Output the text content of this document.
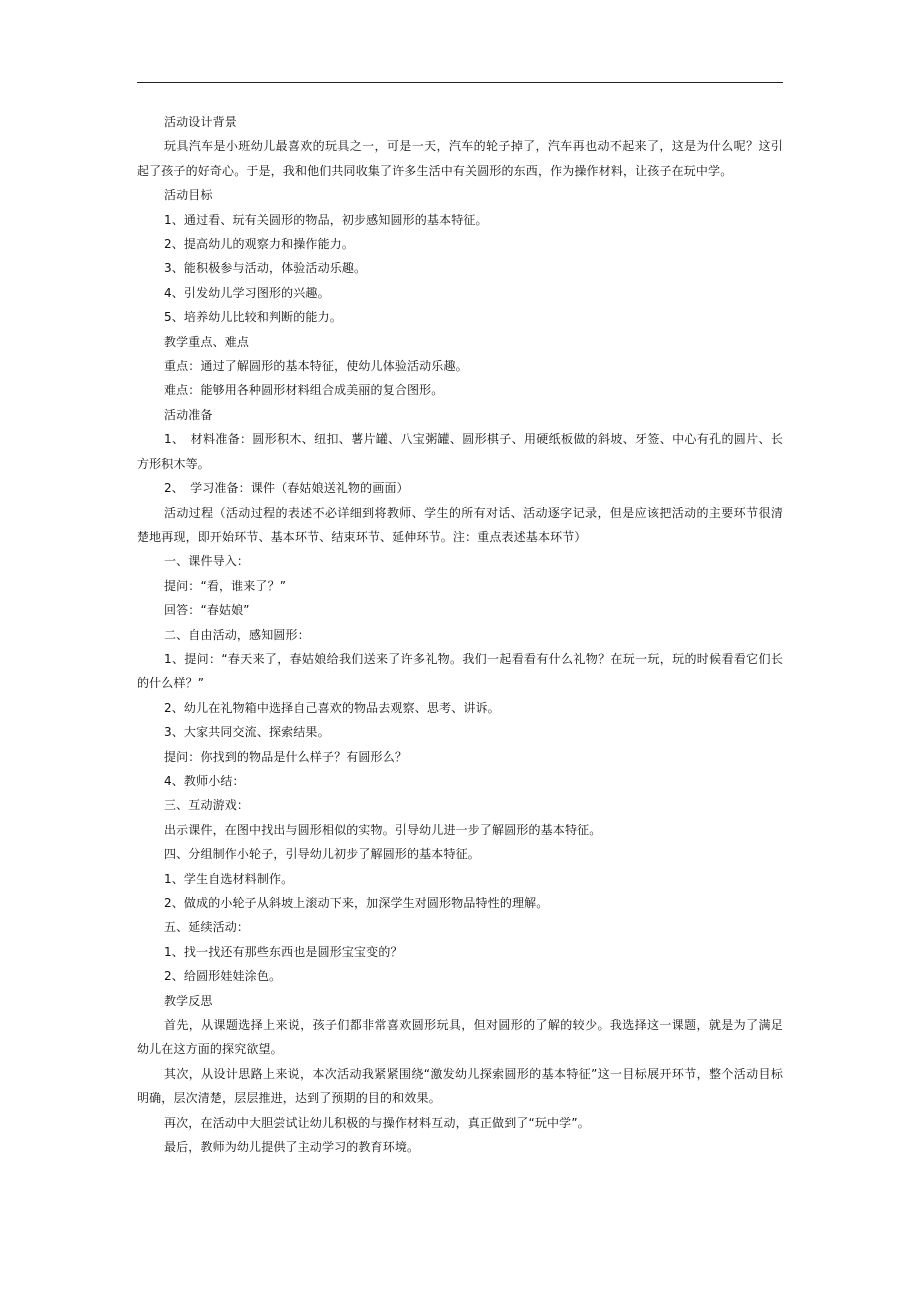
活动设计背景

玩具汽车是小班幼儿最喜欢的玩具之一，可是一天，汽车的轮子掉了，汽车再也动不起来了，这是为什么呢？这引起了孩子的好奇心。于是，我和他们共同收集了许多生活中有关圆形的东西，作为操作材料，让孩子在玩中学。

活动目标

1、通过看、玩有关圆形的物品，初步感知圆形的基本特征。

2、提高幼儿的观察力和操作能力。

3、能积极参与活动，体验活动乐趣。

4、引发幼儿学习图形的兴趣。

5、培养幼儿比较和判断的能力。

教学重点、难点

重点：通过了解圆形的基本特征，使幼儿体验活动乐趣。

难点：能够用各种圆形材料组合成美丽的复合图形。

活动准备

1、　材料准备：圆形积木、纽扣、薯片罐、八宝粥罐、圆形棋子、用硬纸板做的斜坡、牙签、中心有孔的圆片、长方形积木等。

2、　学习准备：课件（春姑娘送礼物的画面）

活动过程（活动过程的表述不必详细到将教师、学生的所有对话、活动逐字记录，但是应该把活动的主要环节很清楚地再现，即开始环节、基本环节、结束环节、延伸环节。注：重点表述基本环节）

一、课件导入：

提问：“看，谁来了？”

回答：“春姑娘”

二、自由活动，感知圆形：

1、提问：“春天来了，春姑娘给我们送来了许多礼物。我们一起看看有什么礼物？在玩一玩，玩的时候看看它们长的什么样？”

2、幼儿在礼物箱中选择自己喜欢的物品去观察、思考、讲诉。

3、大家共同交流、探索结果。

提问：你找到的物品是什么样子？有圆形么？

4、教师小结：

三、互动游戏：

出示课件，在图中找出与圆形相似的实物。引导幼儿进一步了解圆形的基本特征。

四、分组制作小轮子，引导幼儿初步了解圆形的基本特征。

1、学生自选材料制作。

2、做成的小轮子从斜坡上滚动下来，加深学生对圆形物品特性的理解。

五、延续活动：

1、找一找还有那些东西也是圆形宝宝变的？

2、给圆形娃娃涂色。

教学反思

首先，从课题选择上来说，孩子们都非常喜欢圆形玩具，但对圆形的了解的较少。我选择这一课题，就是为了满足幼儿在这方面的探究欲望。

其次，从设计思路上来说，本次活动我紧紧围绕“激发幼儿探索圆形的基本特征”这一目标展开环节，整个活动目标明确，层次清楚，层层推进，达到了预期的目的和效果。

再次，在活动中大胆尝试让幼儿积极的与操作材料互动，真正做到了“玩中学”。

最后，教师为幼儿提供了主动学习的教育环境。
